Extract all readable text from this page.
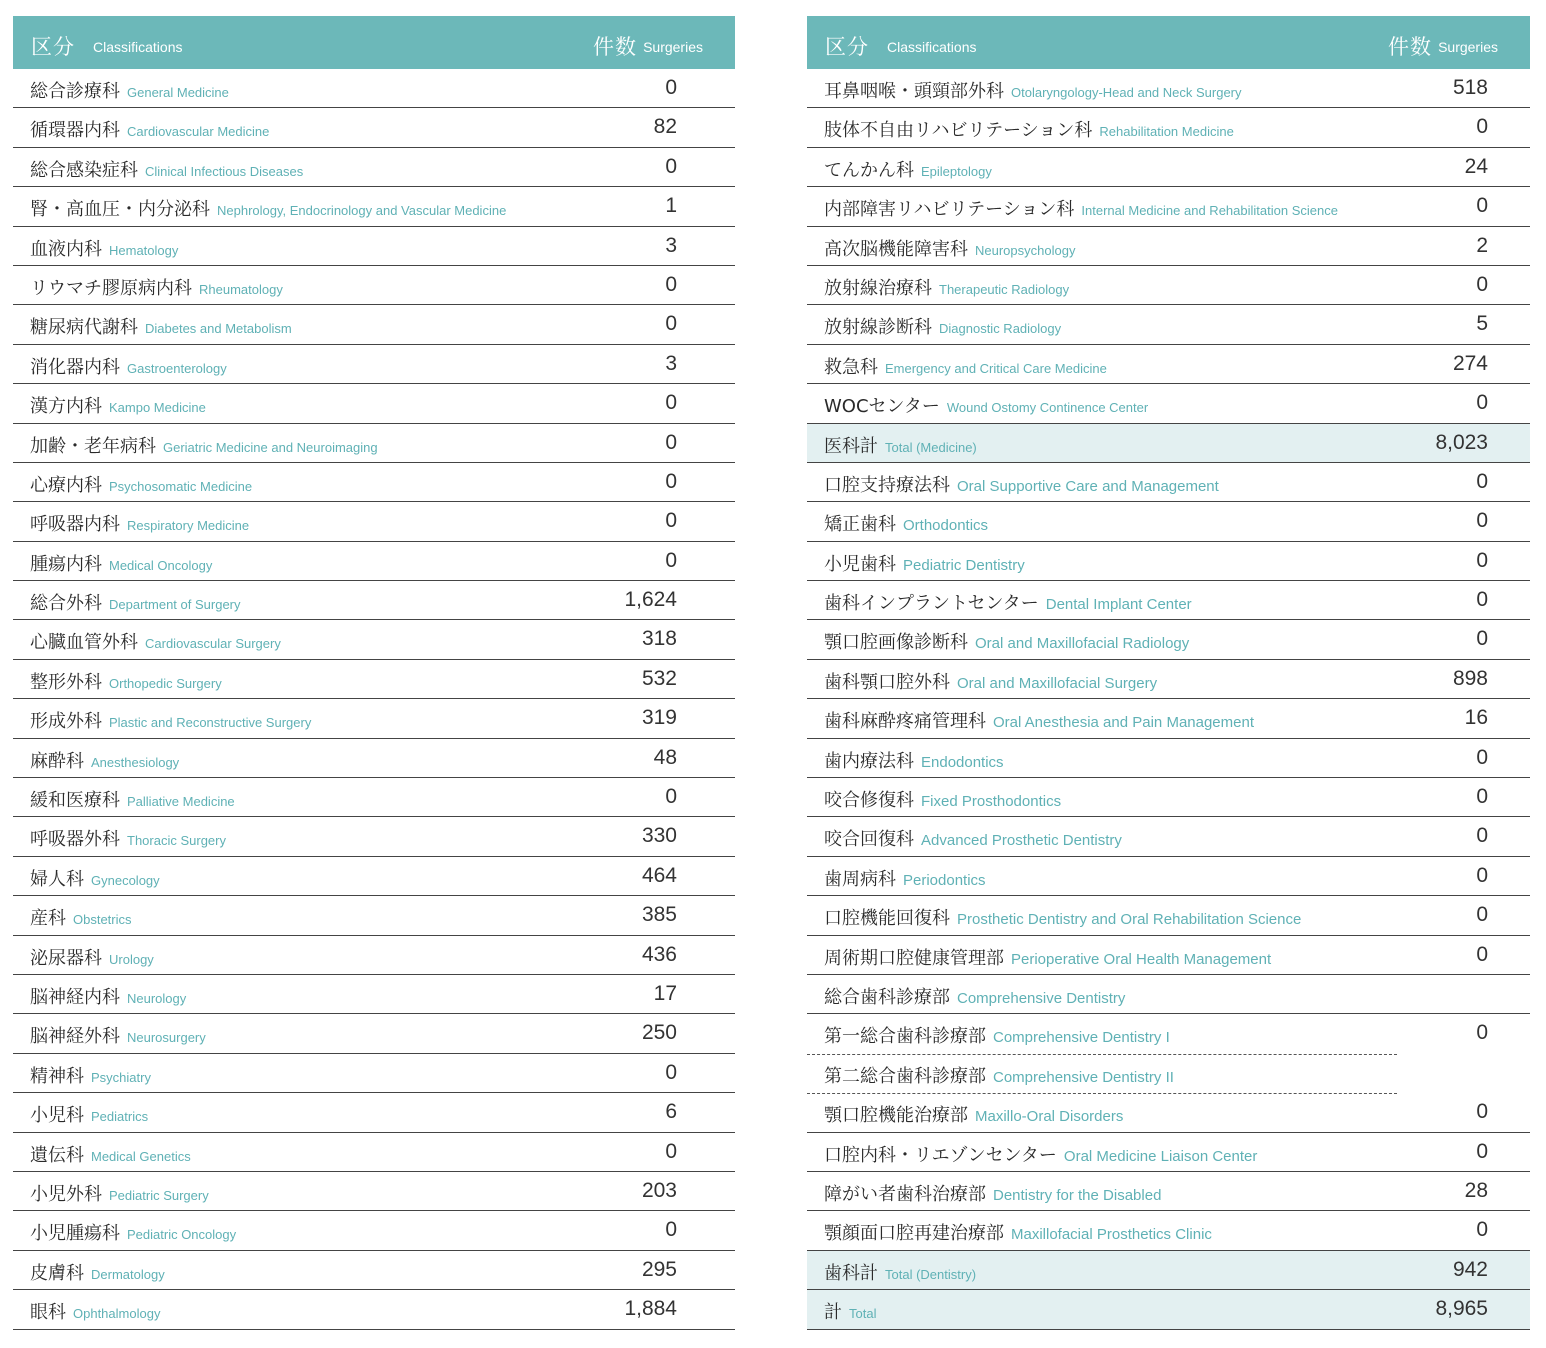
区分 Classifications	件数 Surgeries
総合診療科 General Medicine	0
循環器内科 Cardiovascular Medicine	82
総合感染症科 Clinical Infectious Diseases	0
腎・高血圧・内分泌科 Nephrology, Endocrinology and Vascular Medicine	1
血液内科 Hematology	3
リウマチ膠原病内科 Rheumatology	0
糖尿病代謝科 Diabetes and Metabolism	0
消化器内科 Gastroenterology	3
漢方内科 Kampo Medicine	0
加齢・老年病科 Geriatric Medicine and Neuroimaging	0
心療内科 Psychosomatic Medicine	0
呼吸器内科 Respiratory Medicine	0
腫瘍内科 Medical Oncology	0
総合外科 Department of Surgery	1,624
心臓血管外科 Cardiovascular Surgery	318
整形外科 Orthopedic Surgery	532
形成外科 Plastic and Reconstructive Surgery	319
麻酔科 Anesthesiology	48
緩和医療科 Palliative Medicine	0
呼吸器外科 Thoracic Surgery	330
婦人科 Gynecology	464
産科 Obstetrics	385
泌尿器科 Urology	436
脳神経内科 Neurology	17
脳神経外科 Neurosurgery	250
精神科 Psychiatry	0
小児科 Pediatrics	6
遺伝科 Medical Genetics	0
小児外科 Pediatric Surgery	203
小児腫瘍科 Pediatric Oncology	0
皮膚科 Dermatology	295
眼科 Ophthalmology	1,884
区分 Classifications	件数 Surgeries
耳鼻咽喉・頭頸部外科 Otolaryngology-Head and Neck Surgery	518
肢体不自由リハビリテーション科 Rehabilitation Medicine	0
てんかん科 Epileptology	24
内部障害リハビリテーション科 Internal Medicine and Rehabilitation Science	0
高次脳機能障害科 Neuropsychology	2
放射線治療科 Therapeutic Radiology	0
放射線診断科 Diagnostic Radiology	5
救急科 Emergency and Critical Care Medicine	274
WOCセンター Wound Ostomy Continence Center	0
医科計 Total (Medicine)	8,023
口腔支持療法科 Oral Supportive Care and Management	0
矯正歯科 Orthodontics	0
小児歯科 Pediatric Dentistry	0
歯科インプラントセンター Dental Implant Center	0
顎口腔画像診断科 Oral and Maxillofacial Radiology	0
歯科顎口腔外科 Oral and Maxillofacial Surgery	898
歯科麻酔疼痛管理科 Oral Anesthesia and Pain Management	16
歯内療法科 Endodontics	0
咬合修復科 Fixed Prosthodontics	0
咬合回復科 Advanced Prosthetic Dentistry	0
歯周病科 Periodontics	0
口腔機能回復科 Prosthetic Dentistry and Oral Rehabilitation Science	0
周術期口腔健康管理部 Perioperative Oral Health Management	0
総合歯科診療部 Comprehensive Dentistry
第一総合歯科診療部 Comprehensive Dentistry I	0
第二総合歯科診療部 Comprehensive Dentistry II
顎口腔機能治療部 Maxillo-Oral Disorders	0
口腔内科・リエゾンセンター Oral Medicine Liaison Center	0
障がい者歯科治療部 Dentistry for the Disabled	28
顎顔面口腔再建治療部 Maxillofacial Prosthetics Clinic	0
歯科計 Total (Dentistry)	942
計 Total	8,965
